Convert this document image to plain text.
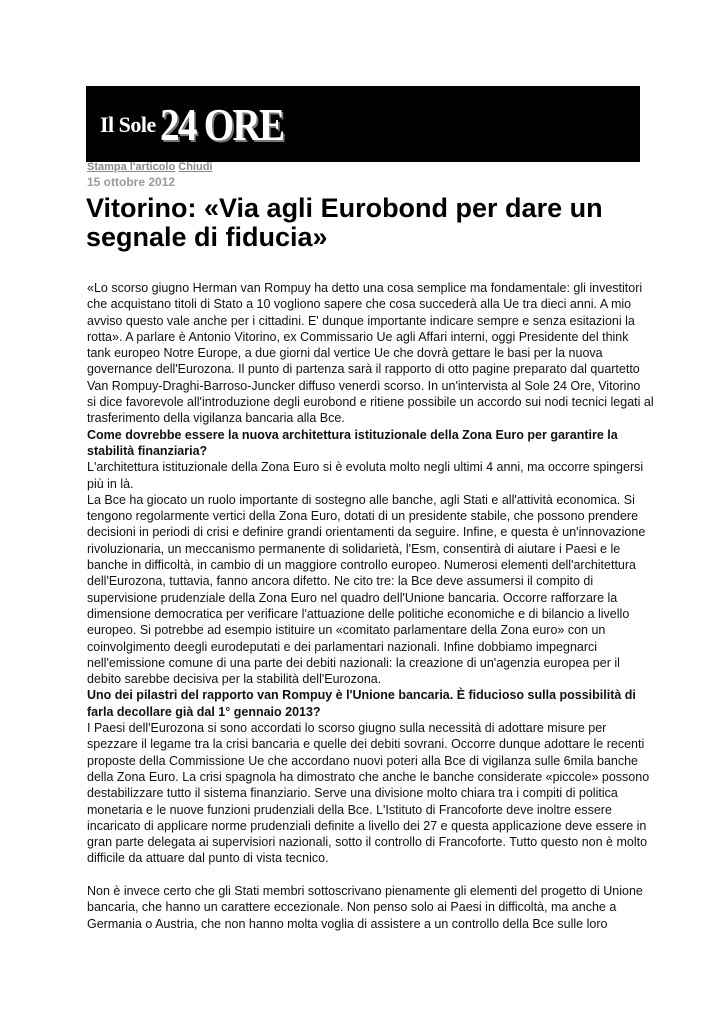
Il Sole 24 ORE
Stampa l'articolo Chiudi
15 ottobre 2012
Vitorino: «Via agli Eurobond per dare un
segnale di fiducia»
«Lo scorso giugno Herman van Rompuy ha detto una cosa semplice ma fondamentale: gli investitori
che acquistano titoli di Stato a 10 vogliono sapere che cosa succederà alla Ue tra dieci anni. A mio
avviso questo vale anche per i cittadini. E' dunque importante indicare sempre e senza esitazioni la
rotta». A parlare è Antonio Vitorino, ex Commissario Ue agli Affari interni, oggi Presidente del think
tank europeo Notre Europe, a due giorni dal vertice Ue che dovrà gettare le basi per la nuova
governance dell'Eurozona. Il punto di partenza sarà il rapporto di otto pagine preparato dal quartetto
Van Rompuy-Draghi-Barroso-Juncker diffuso venerdì scorso. In un'intervista al Sole 24 Ore, Vitorino
si dice favorevole all'introduzione degli eurobond e ritiene possibile un accordo sui nodi tecnici legati al
trasferimento della vigilanza bancaria alla Bce.
Come dovrebbe essere la nuova architettura istituzionale della Zona Euro per garantire la
stabilità finanziaria?
L'architettura istituzionale della Zona Euro si è evoluta molto negli ultimi 4 anni, ma occorre spingersi
più in là.
La Bce ha giocato un ruolo importante di sostegno alle banche, agli Stati e all'attività economica. Si
tengono regolarmente vertici della Zona Euro, dotati di un presidente stabile, che possono prendere
decisioni in periodi di crisi e definire grandi orientamenti da seguire. Infine, e questa è un'innovazione
rivoluzionaria, un meccanismo permanente di solidarietà, l'Esm, consentirà di aiutare i Paesi e le
banche in difficoltà, in cambio di un maggiore controllo europeo. Numerosi elementi dell'architettura
dell'Eurozona, tuttavia, fanno ancora difetto. Ne cito tre: la Bce deve assumersi il compito di
supervisione prudenziale della Zona Euro nel quadro dell'Unione bancaria. Occorre rafforzare la
dimensione democratica per verificare l'attuazione delle politiche economiche e di bilancio a livello
europeo. Si potrebbe ad esempio istituire un «comitato parlamentare della Zona euro» con un
coinvolgimento deegli eurodeputati e dei parlamentari nazionali. Infine dobbiamo impegnarci
nell'emissione comune di una parte dei debiti nazionali: la creazione di un'agenzia europea per il
debito sarebbe decisiva per la stabilità dell'Eurozona.
Uno dei pilastri del rapporto van Rompuy è l'Unione bancaria. È fiducioso sulla possibilità di
farla decollare già dal 1° gennaio 2013?
I Paesi dell'Eurozona si sono accordati lo scorso giugno sulla necessità di adottare misure per
spezzare il legame tra la crisi bancaria e quelle dei debiti sovrani. Occorre dunque adottare le recenti
proposte della Commissione Ue che accordano nuovi poteri alla Bce di vigilanza sulle 6mila banche
della Zona Euro. La crisi spagnola ha dimostrato che anche le banche considerate «piccole» possono
destabilizzare tutto il sistema finanziario. Serve una divisione molto chiara tra i compiti di politica
monetaria e le nuove funzioni prudenziali della Bce. L'Istituto di Francoforte deve inoltre essere
incaricato di applicare norme prudenziali definite a livello dei 27 e questa applicazione deve essere in
gran parte delegata ai supervisiori nazionali, sotto il controllo di Francoforte. Tutto questo non è molto
difficile da attuare dal punto di vista tecnico.
Non è invece certo che gli Stati membri sottoscrivano pienamente gli elementi del progetto di Unione
bancaria, che hanno un carattere eccezionale. Non penso solo ai Paesi in difficoltà, ma anche a
Germania o Austria, che non hanno molta voglia di assistere a un controllo della Bce sulle loro
